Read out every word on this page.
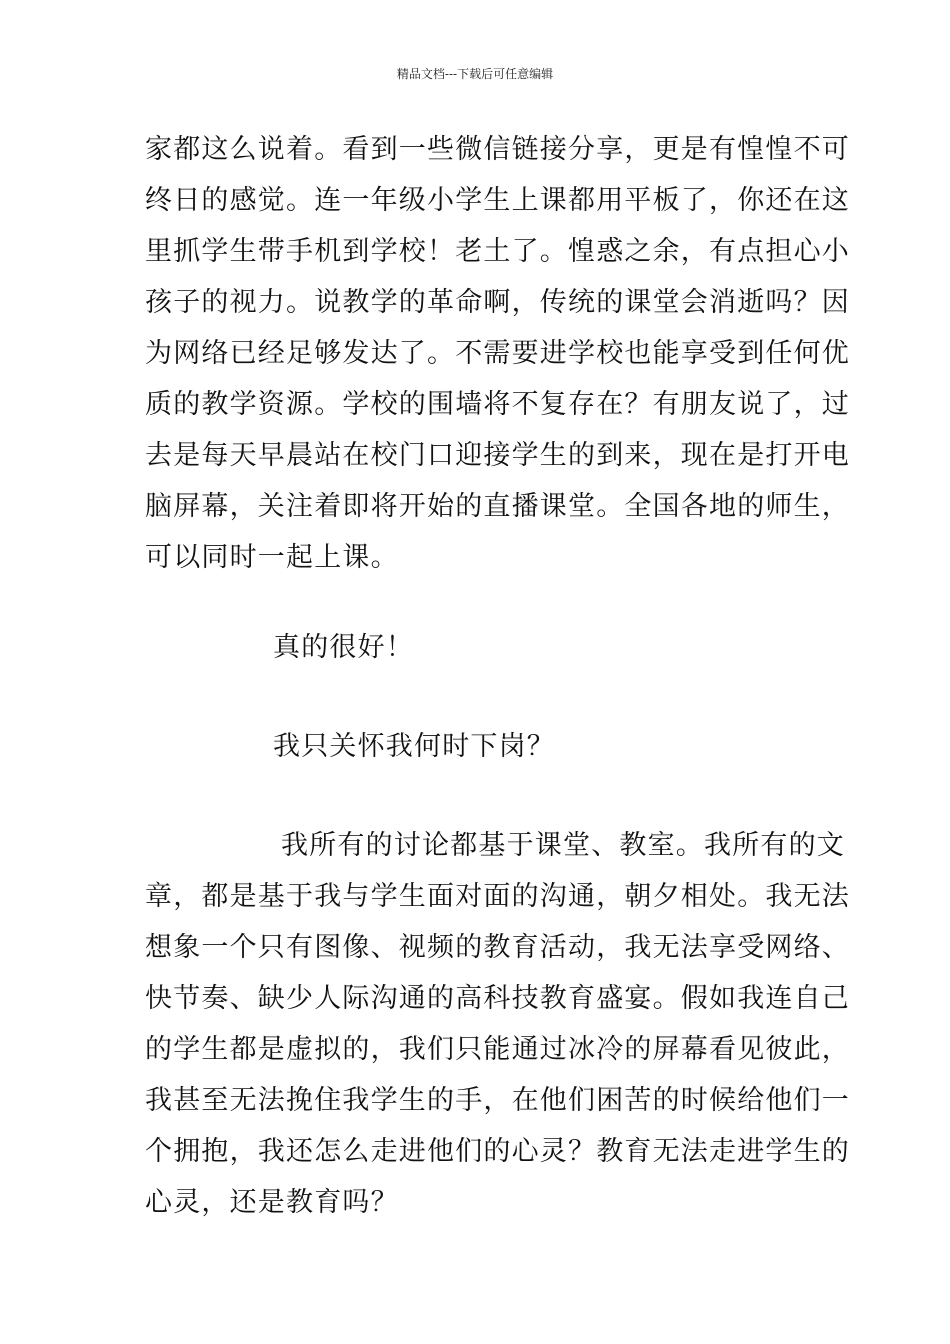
精品文档---下载后可任意编辑
家都这么说着。看到一些微信链接分享，更是有惶惶不可
终日的感觉。连一年级小学生上课都用平板了，你还在这
里抓学生带手机到学校！老土了。惶惑之余，有点担心小
孩子的视力。说教学的革命啊，传统的课堂会消逝吗？因
为网络已经足够发达了。不需要进学校也能享受到任何优
质的教学资源。学校的围墙将不复存在？有朋友说了，过
去是每天早晨站在校门口迎接学生的到来，现在是打开电
脑屏幕，关注着即将开始的直播课堂。全国各地的师生，
可以同时一起上课。
真的很好！
我只关怀我何时下岗？
我所有的讨论都基于课堂、教室。我所有的文
章，都是基于我与学生面对面的沟通，朝夕相处。我无法
想象一个只有图像、视频的教育活动，我无法享受网络、
快节奏、缺少人际沟通的高科技教育盛宴。假如我连自己
的学生都是虚拟的，我们只能通过冰冷的屏幕看见彼此，
我甚至无法挽住我学生的手，在他们困苦的时候给他们一
个拥抱，我还怎么走进他们的心灵？教育无法走进学生的
心灵，还是教育吗？
